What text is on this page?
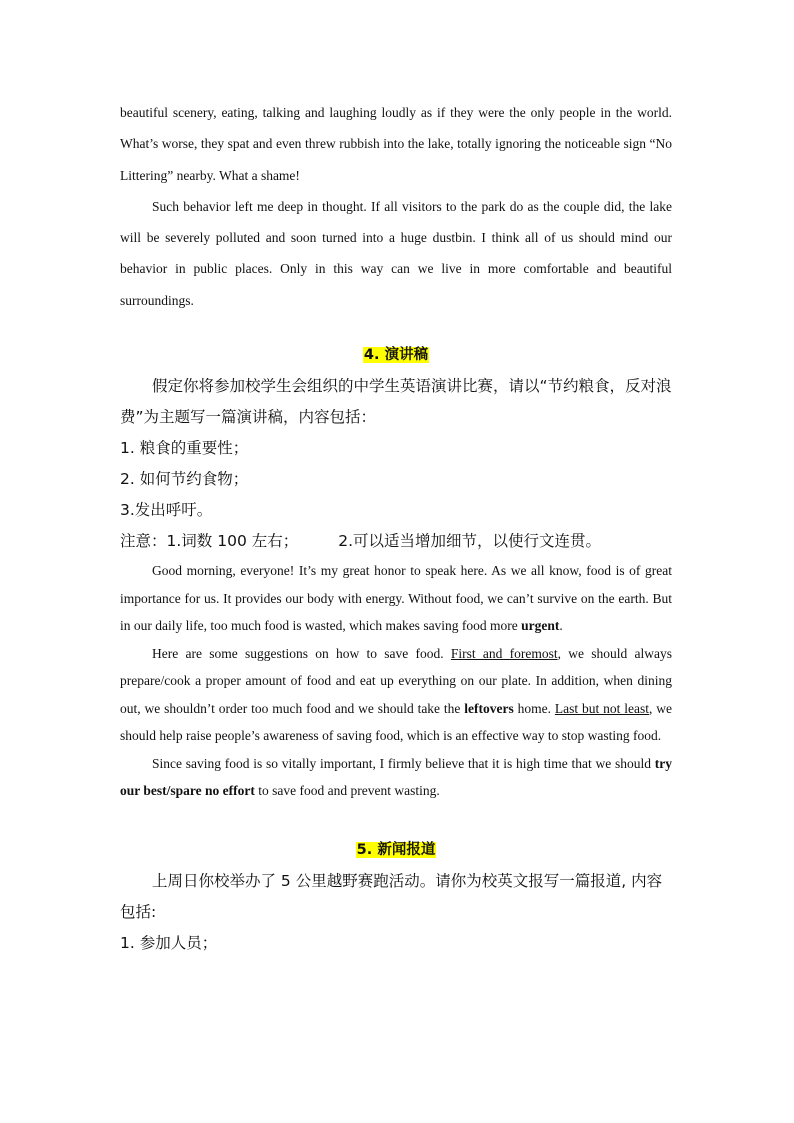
beautiful scenery, eating, talking and laughing loudly as if they were the only people in the world. What’s worse, they spat and even threw rubbish into the lake, totally ignoring the noticeable sign “No Littering” nearby. What a shame!

Such behavior left me deep in thought. If all visitors to the park do as the couple did, the lake will be severely polluted and soon turned into a huge dustbin. I think all of us should mind our behavior in public places. Only in this way can we live in more comfortable and beautiful surroundings.

4. 演讲稿

假定你将参加校学生会组织的中学生英语演讲比赛，请以“节约粮食，反对浪费”为主题写一篇演讲稿，内容包括：

1. 粮食的重要性；

2. 如何节约食物；

3.发出呼吁。

注意：1.词数 100 左右；	2.可以适当增加细节，以使行文连贯。

Good morning, everyone! It’s my great honor to speak here. As we all know, food is of great importance for us. It provides our body with energy. Without food, we can’t survive on the earth. But in our daily life, too much food is wasted, which makes saving food more urgent.

Here are some suggestions on how to save food. First and foremost, we should always prepare/cook a proper amount of food and eat up everything on our plate. In addition, when dining out, we shouldn’t order too much food and we should take the leftovers home. Last but not least, we should help raise people’s awareness of saving food, which is an effective way to stop wasting food.

Since saving food is so vitally important, I firmly believe that it is high time that we should try our best/spare no effort to save food and prevent wasting.

5. 新闻报道

上周日你校举办了 5 公里越野赛跑活动。请你为校英文报写一篇报道, 内容包括:

1. 参加人员；
